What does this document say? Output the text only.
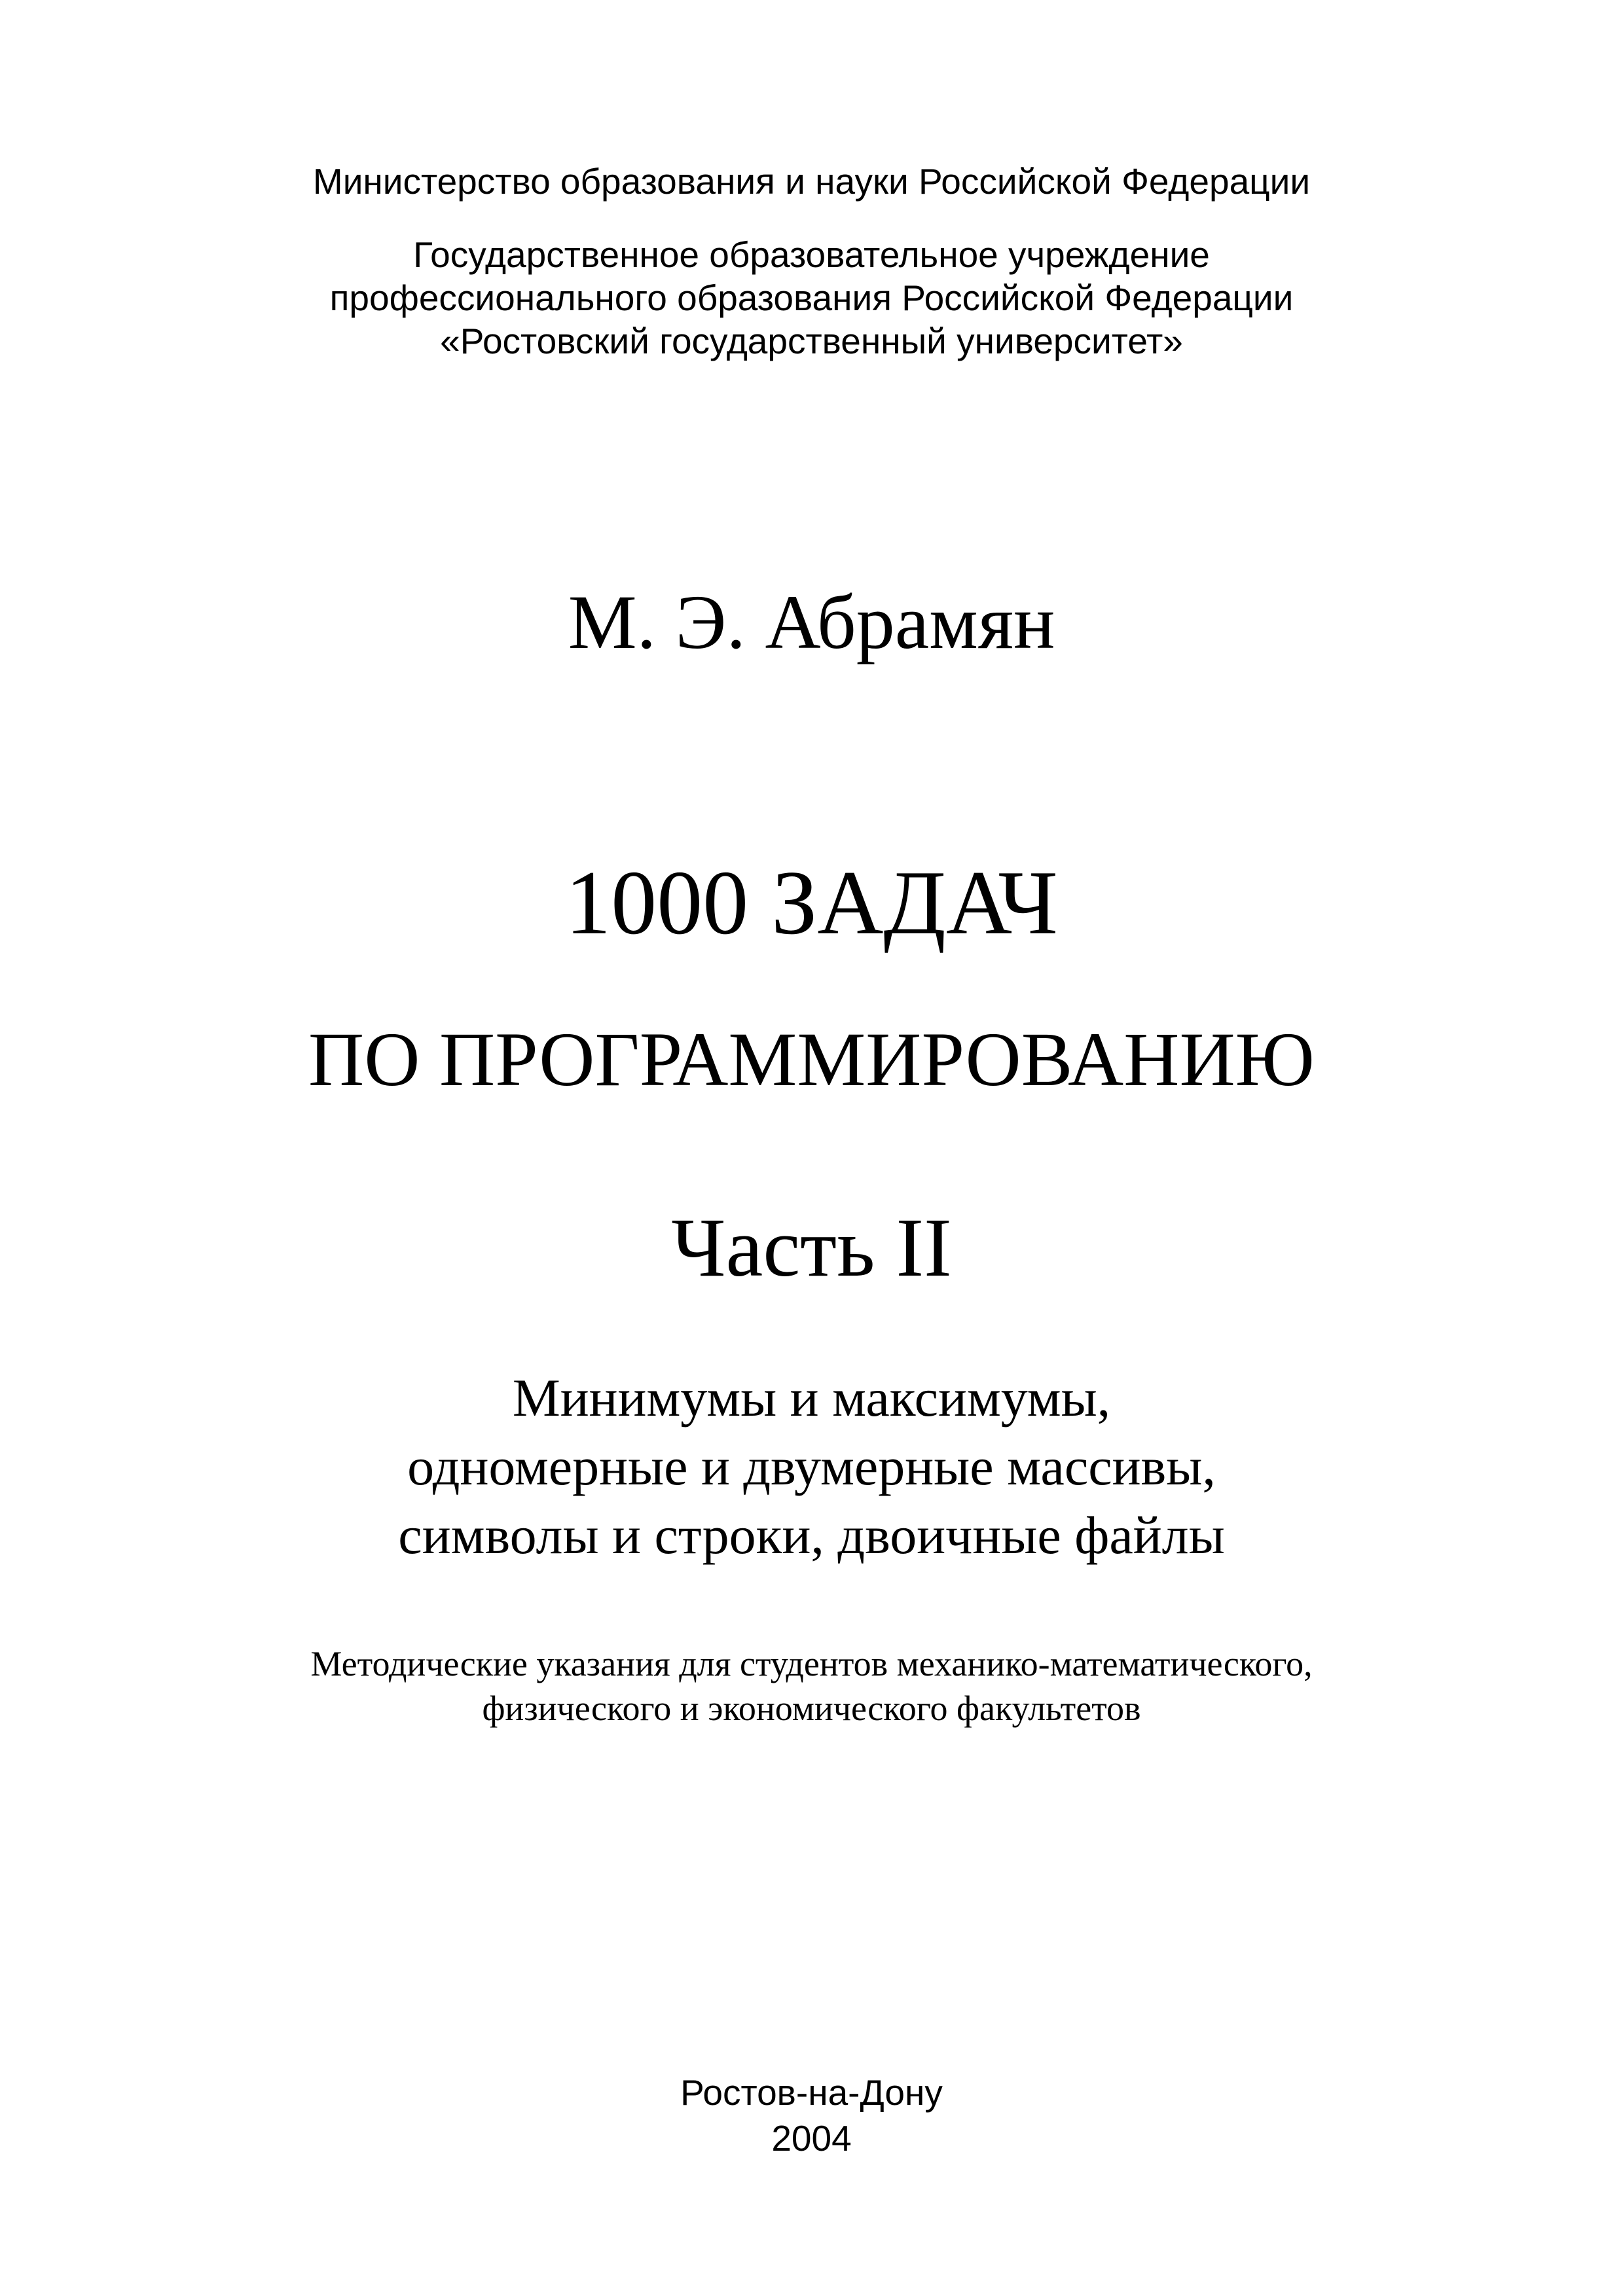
Министерство образования и науки Российской Федерации
Государственное образовательное учреждение
профессионального образования Российской Федерации
«Ростовский государственный университет»
М. Э. Абрамян
1000 ЗАДАЧ
ПО ПРОГРАММИРОВАНИЮ
Часть II
Минимумы и максимумы,
одномерные и двумерные массивы,
символы и строки, двоичные файлы
Методические указания для студентов механико-математического,
физического и экономического факультетов
Ростов-на-Дону
2004
